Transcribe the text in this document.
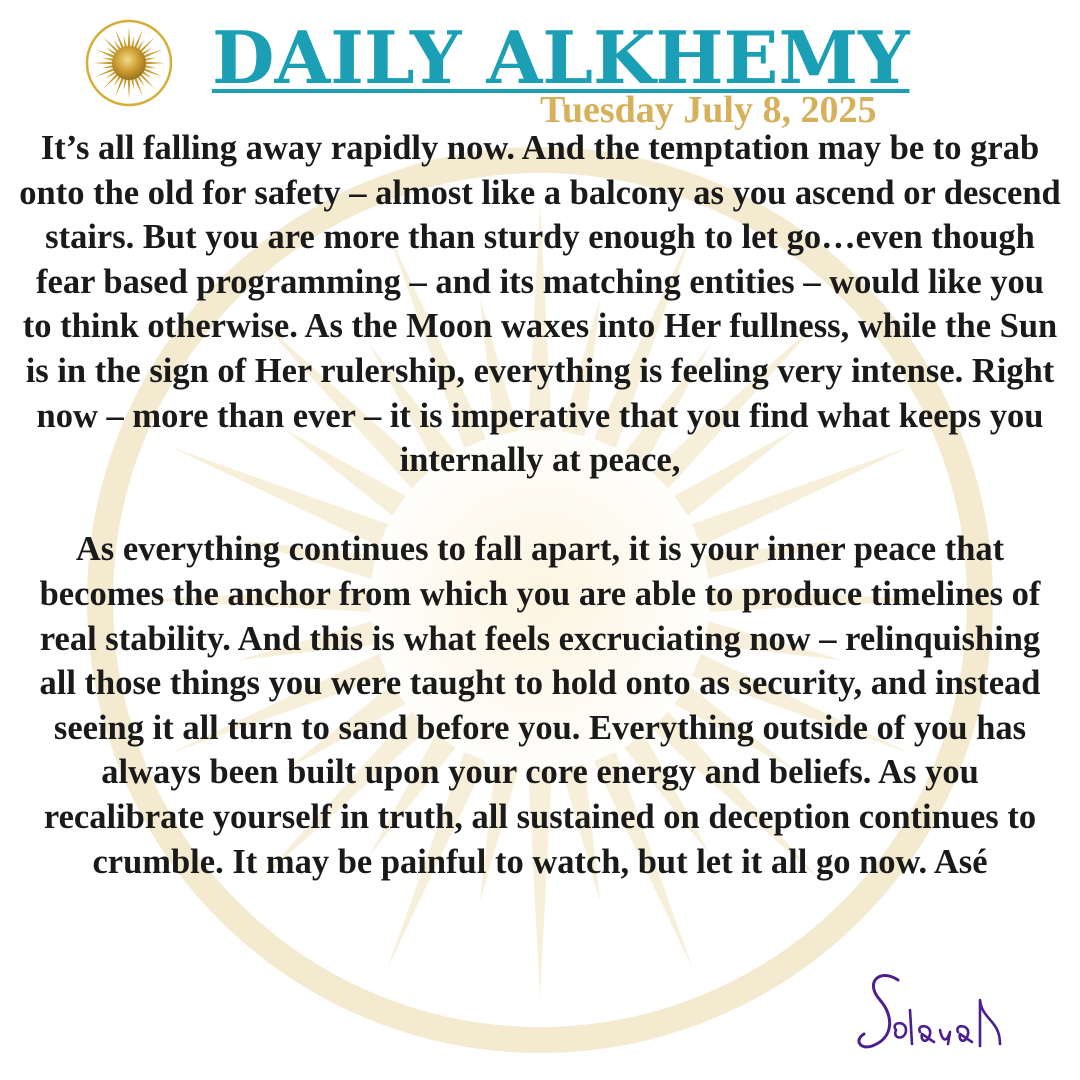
DAILY ALKHEMY
Tuesday July 8, 2025

It’s all falling away rapidly now. And the temptation may be to grab onto the old for safety – almost like a balcony as you ascend or descend stairs. But you are more than sturdy enough to let go…even though fear based programming – and its matching entities – would like you to think otherwise. As the Moon waxes into Her fullness, while the Sun is in the sign of Her rulership, everything is feeling very intense. Right now – more than ever – it is imperative that you find what keeps you internally at peace,

As everything continues to fall apart, it is your inner peace that becomes the anchor from which you are able to produce timelines of real stability. And this is what feels excruciating now – relinquishing all those things you were taught to hold onto as security, and instead seeing it all turn to sand before you. Everything outside of you has always been built upon your core energy and beliefs. As you recalibrate yourself in truth, all sustained on deception continues to crumble. It may be painful to watch, but let it all go now. Asé
